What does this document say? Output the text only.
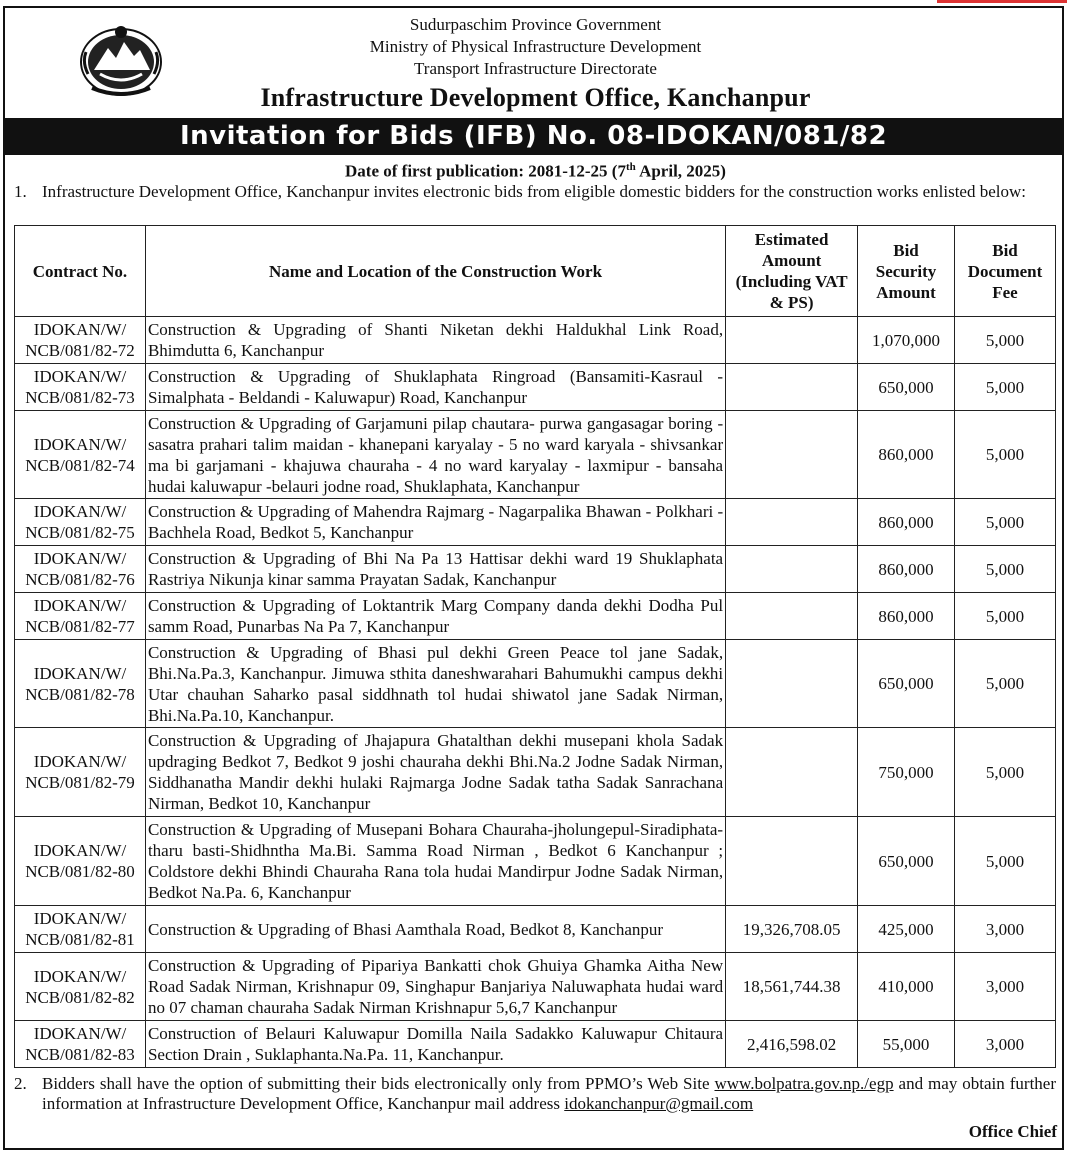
Sudurpaschim Province Government
Ministry of Physical Infrastructure Development
Transport Infrastructure Directorate
Infrastructure Development Office, Kanchanpur
Invitation for Bids (IFB) No. 08-IDOKAN/081/82
Date of first publication: 2081-12-25 (7th April, 2025)
1. Infrastructure Development Office, Kanchanpur invites electronic bids from eligible domestic bidders for the construction works enlisted below:
Contract No.	Name and Location of the Construction Work	Estimated Amount (Including VAT & PS)	Bid Security Amount	Bid Document Fee

IDOKAN/W/
NCB/081/82-72	Construction & Upgrading of Shanti Niketan dekhi Haldukhal Link Road, Bhimdutta 6, Kanchanpur		1,070,000	5,000

IDOKAN/W/
NCB/081/82-73	Construction & Upgrading of Shuklaphata Ringroad (Bansamiti-Kasraul - Simalphata - Beldandi - Kaluwapur) Road, Kanchanpur		650,000	5,000

IDOKAN/W/
NCB/081/82-74	Construction & Upgrading of Garjamuni pilap chautara- purwa gangasagar boring - sasatra prahari talim maidan - khanepani karyalay - 5 no ward karyala - shivsankar ma bi garjamani - khajuwa chauraha - 4 no ward karyalay - laxmipur - bansaha hudai kaluwapur -belauri jodne road, Shuklaphata, Kanchanpur		860,000	5,000

IDOKAN/W/
NCB/081/82-75	Construction & Upgrading of Mahendra Rajmarg - Nagarpalika Bhawan - Polkhari - Bachhela Road, Bedkot 5, Kanchanpur		860,000	5,000

IDOKAN/W/
NCB/081/82-76	Construction & Upgrading of Bhi Na Pa 13 Hattisar dekhi ward 19 Shuklaphata Rastriya Nikunja kinar samma Prayatan Sadak, Kanchanpur		860,000	5,000

IDOKAN/W/
NCB/081/82-77	Construction & Upgrading of Loktantrik Marg Company danda dekhi Dodha Pul samm Road, Punarbas Na Pa 7, Kanchanpur		860,000	5,000

IDOKAN/W/
NCB/081/82-78	Construction & Upgrading of Bhasi pul dekhi Green Peace tol jane Sadak, Bhi.Na.Pa.3, Kanchanpur. Jimuwa sthita daneshwarahari Bahumukhi campus dekhi Utar chauhan Saharko pasal siddhnath tol hudai shiwatol jane Sadak Nirman, Bhi.Na.Pa.10, Kanchanpur.		650,000	5,000

IDOKAN/W/
NCB/081/82-79	Construction & Upgrading of Jhajapura Ghatalthan dekhi musepani khola Sadak updraging Bedkot 7, Bedkot 9 joshi chauraha dekhi Bhi.Na.2 Jodne Sadak Nirman, Siddhanatha Mandir dekhi hulaki Rajmarga Jodne Sadak tatha Sadak Sanrachana Nirman, Bedkot 10, Kanchanpur		750,000	5,000

IDOKAN/W/
NCB/081/82-80	Construction & Upgrading of Musepani Bohara Chauraha-jholungepul-Siradiphata-tharu basti-Shidhntha Ma.Bi. Samma Road Nirman , Bedkot 6 Kanchanpur ; Coldstore dekhi Bhindi Chauraha Rana tola hudai Mandirpur Jodne Sadak Nirman, Bedkot Na.Pa. 6, Kanchanpur		650,000	5,000

IDOKAN/W/
NCB/081/82-81	Construction & Upgrading of Bhasi Aamthala Road, Bedkot 8, Kanchanpur	19,326,708.05	425,000	3,000

IDOKAN/W/
NCB/081/82-82	Construction & Upgrading of Pipariya Bankatti chok Ghuiya Ghamka Aitha New Road Sadak Nirman, Krishnapur 09, Singhapur Banjariya Naluwaphata hudai ward no 07 chaman chauraha Sadak Nirman Krishnapur 5,6,7 Kanchanpur	18,561,744.38	410,000	3,000

IDOKAN/W/
NCB/081/82-83	Construction of Belauri Kaluwapur Domilla Naila Sadakko Kaluwapur Chitaura Section Drain , Suklaphanta.Na.Pa. 11, Kanchanpur.	2,416,598.02	55,000	3,000
2. Bidders shall have the option of submitting their bids electronically only from PPMO’s Web Site www.bolpatra.gov.np./egp and may obtain further information at Infrastructure Development Office, Kanchanpur mail address idokanchanpur@gmail.com
Office Chief
